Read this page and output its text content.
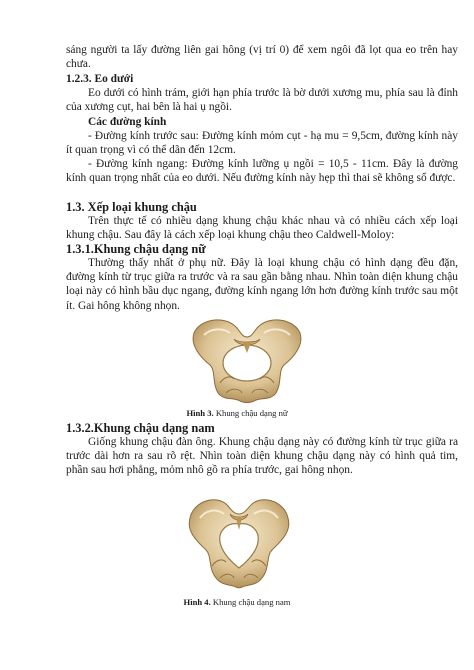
sáng người ta lấy đường liên gai hông (vị trí 0) để xem ngôi đã lọt qua eo trên hay chưa.

1.2.3. Eo dưới

Eo dưới có hình trám, giới hạn phía trước là bờ dưới xương mu, phía sau là đỉnh của xương cụt, hai bên là hai ụ ngồi.

Các đường kính

- Đường kính trước sau: Đường kính mỏm cụt - hạ mu = 9,5cm, đường kính này ít quan trọng vì có thể dãn đến 12cm.

- Đường kính ngang: Đường kính lưỡng ụ ngồi = 10,5 - 11cm. Đây là đường kính quan trọng nhất của eo dưới. Nếu đường kính này hẹp thì thai sẽ không sổ được.

1.3. Xếp loại khung chậu

Trên thực tế có nhiều dạng khung chậu khác nhau và có nhiều cách xếp loại khung chậu. Sau đây là cách xếp loại khung chậu theo Caldwell-Moloy:

1.3.1.Khung chậu dạng nữ

Thường thấy nhất ở phụ nữ. Đây là loại khung chậu có hình dạng đều đặn, đường kính từ trục giữa ra trước và ra sau gần bằng nhau. Nhìn toàn diện khung chậu loại này có hình bầu dục ngang, đường kính ngang lớn hơn đường kính trước sau một ít. Gai hông không nhọn.

Hình 3. Khung chậu dạng nữ
1.3.2.Khung chậu dạng nam

Giống khung chậu đàn ông. Khung chậu dạng này có đường kính từ trục giữa ra trước dài hơn ra sau rõ rệt. Nhìn toàn diện khung chậu dạng này có hình quả tim, phần sau hơi phẳng, mỏm nhô gồ ra phía trước, gai hông nhọn.

Hình 4. Khung chậu dạng nam
